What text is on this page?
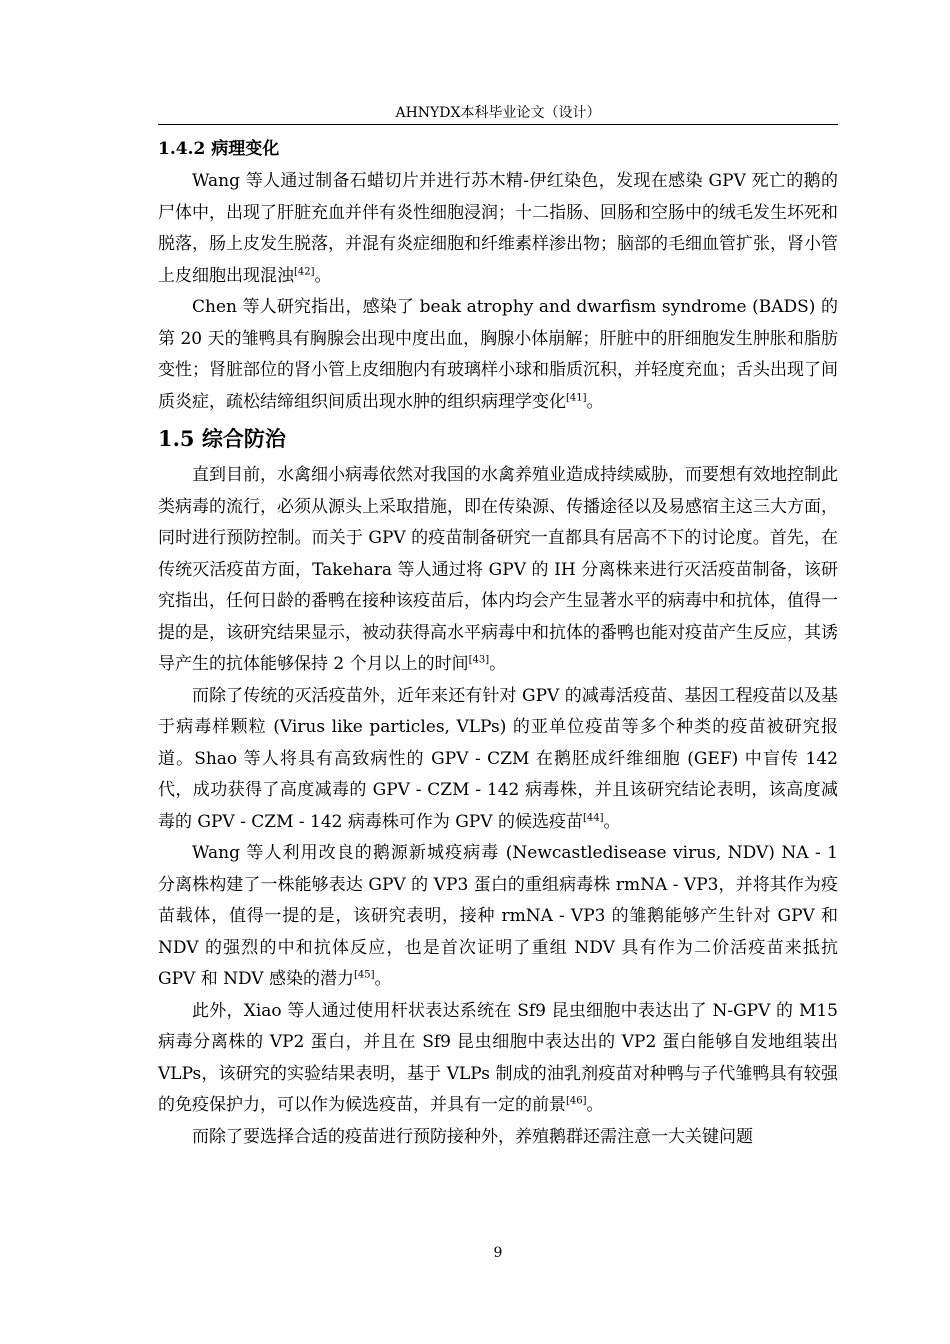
AHNYDX本科毕业论文（设计）
1.4.2 病理变化

Wang 等人通过制备石蜡切片并进行苏木精-伊红染色，发现在感染 GPV 死亡的鹅的尸体中，出现了肝脏充血并伴有炎性细胞浸润；十二指肠、回肠和空肠中的绒毛发生坏死和脱落，肠上皮发生脱落，并混有炎症细胞和纤维素样渗出物；脑部的毛细血管扩张，肾小管上皮细胞出现混浊[42]。

Chen 等人研究指出，感染了 beak atrophy and dwarfism syndrome (BADS) 的第 20 天的雏鸭具有胸腺会出现中度出血，胸腺小体崩解；肝脏中的肝细胞发生肿胀和脂肪变性；肾脏部位的肾小管上皮细胞内有玻璃样小球和脂质沉积，并轻度充血；舌头出现了间质炎症，疏松结缔组织间质出现水肿的组织病理学变化[41]。

1.5 综合防治

直到目前，水禽细小病毒依然对我国的水禽养殖业造成持续威胁，而要想有效地控制此类病毒的流行，必须从源头上采取措施，即在传染源、传播途径以及易感宿主这三大方面，同时进行预防控制。而关于 GPV 的疫苗制备研究一直都具有居高不下的讨论度。首先，在传统灭活疫苗方面，Takehara 等人通过将 GPV 的 IH 分离株来进行灭活疫苗制备，该研究指出，任何日龄的番鸭在接种该疫苗后，体内均会产生显著水平的病毒中和抗体，值得一提的是，该研究结果显示，被动获得高水平病毒中和抗体的番鸭也能对疫苗产生反应，其诱导产生的抗体能够保持 2 个月以上的时间[43]。

而除了传统的灭活疫苗外，近年来还有针对 GPV 的减毒活疫苗、基因工程疫苗以及基于病毒样颗粒 (Virus like particles, VLPs) 的亚单位疫苗等多个种类的疫苗被研究报道。Shao 等人将具有高致病性的 GPV - CZM 在鹅胚成纤维细胞 (GEF) 中盲传 142 代，成功获得了高度减毒的 GPV - CZM - 142 病毒株，并且该研究结论表明，该高度减毒的 GPV - CZM - 142 病毒株可作为 GPV 的候选疫苗[44]。

Wang 等人利用改良的鹅源新城疫病毒 (Newcastledisease virus, NDV) NA - 1 分离株构建了一株能够表达 GPV 的 VP3 蛋白的重组病毒株 rmNA - VP3，并将其作为疫苗载体，值得一提的是，该研究表明，接种 rmNA - VP3 的雏鹅能够产生针对 GPV 和 NDV 的强烈的中和抗体反应，也是首次证明了重组 NDV 具有作为二价活疫苗来抵抗 GPV 和 NDV 感染的潜力[45]。

此外，Xiao 等人通过使用杆状表达系统在 Sf9 昆虫细胞中表达出了 N-GPV 的 M15 病毒分离株的 VP2 蛋白，并且在 Sf9 昆虫细胞中表达出的 VP2 蛋白能够自发地组装出 VLPs，该研究的实验结果表明，基于 VLPs 制成的油乳剂疫苗对种鸭与子代雏鸭具有较强的免疫保护力，可以作为候选疫苗，并具有一定的前景[46]。

而除了要选择合适的疫苗进行预防接种外，养殖鹅群还需注意一大关键问题

9
